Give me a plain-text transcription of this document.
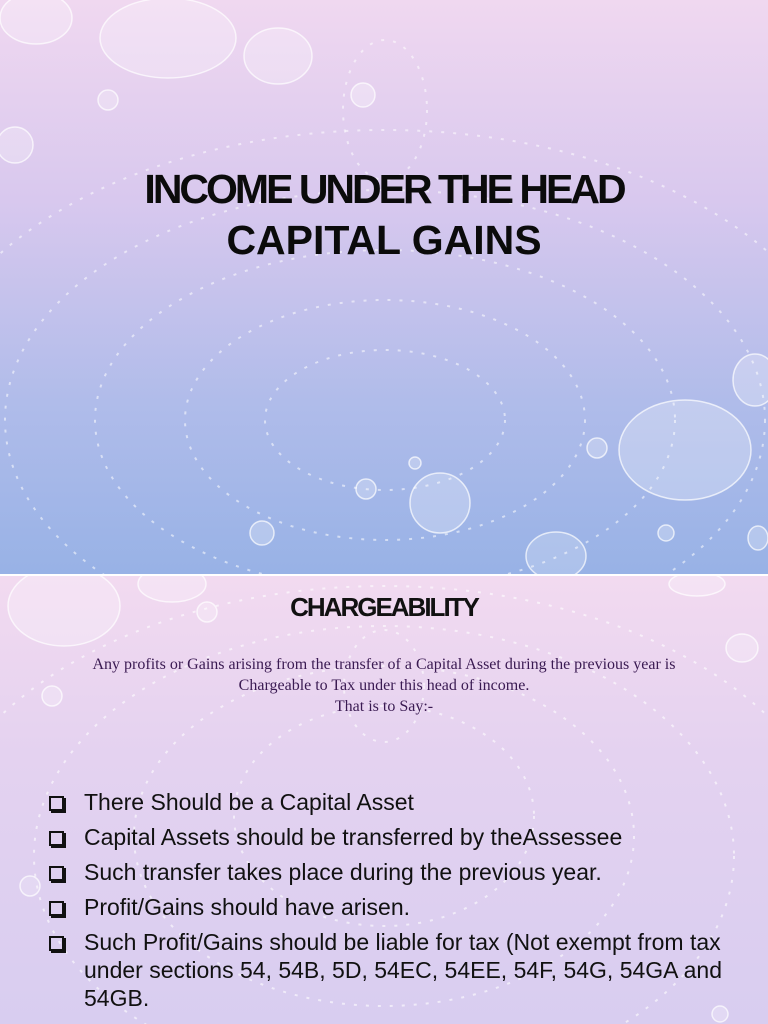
INCOME UNDER THE HEAD
CAPITAL GAINS
CHARGEABILITY
Any profits or Gains arising from the transfer of a Capital Asset during the previous year is
Chargeable to Tax under this head of income.
That is to Say:-
There Should be a Capital Asset
Capital Assets should be transferred by theAssessee
Such transfer takes place during the previous year.
Profit/Gains should have arisen.
Such Profit/Gains should be liable for tax (Not exempt from tax under sections 54, 54B, 5D, 54EC, 54EE, 54F, 54G, 54GA and 54GB.
